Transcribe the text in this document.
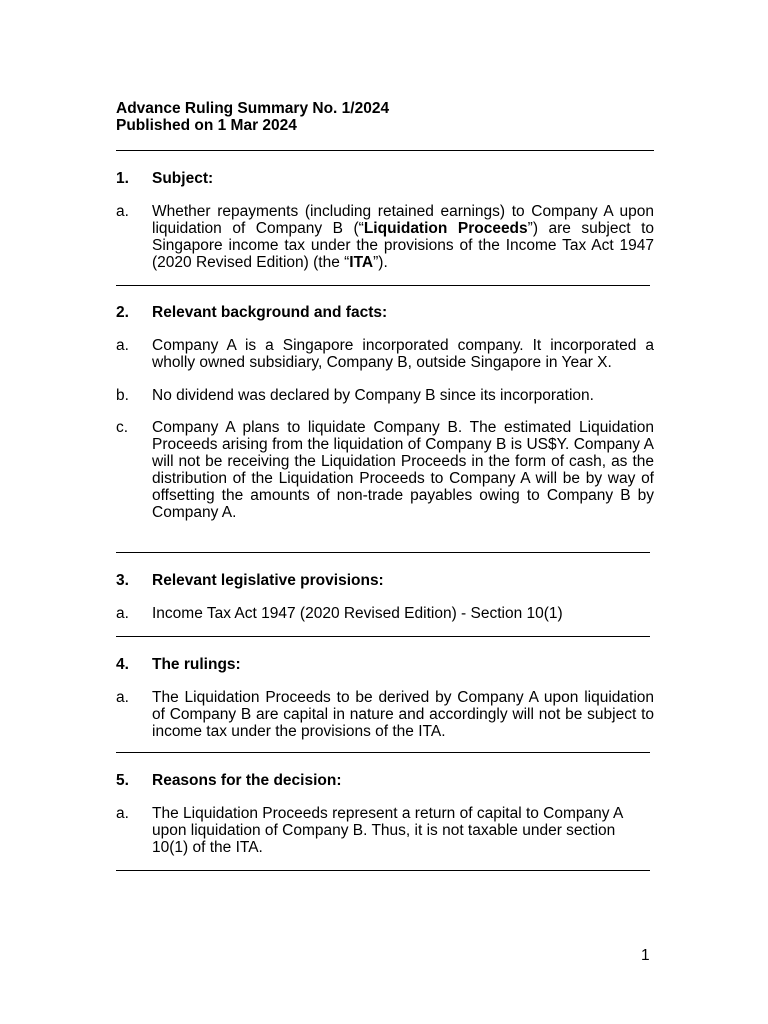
Advance Ruling Summary No. 1/2024
Published on 1 Mar 2024
1.	Subject:
a.	Whether repayments (including retained earnings) to Company A upon liquidation of Company B (“Liquidation Proceeds”) are subject to Singapore income tax under the provisions of the Income Tax Act 1947 (2020 Revised Edition) (the “ITA”).
2.	Relevant background and facts:
a.	Company A is a Singapore incorporated company. It incorporated a wholly owned subsidiary, Company B, outside Singapore in Year X.
b.	No dividend was declared by Company B since its incorporation.
c.	Company A plans to liquidate Company B. The estimated Liquidation Proceeds arising from the liquidation of Company B is US$Y. Company A will not be receiving the Liquidation Proceeds in the form of cash, as the distribution of the Liquidation Proceeds to Company A will be by way of offsetting the amounts of non-trade payables owing to Company B by Company A.
3.	Relevant legislative provisions:
a.	Income Tax Act 1947 (2020 Revised Edition) - Section 10(1)
4.	The rulings:
a.	The Liquidation Proceeds to be derived by Company A upon liquidation of Company B are capital in nature and accordingly will not be subject to income tax under the provisions of the ITA.
5.	Reasons for the decision:
a.	The Liquidation Proceeds represent a return of capital to Company A upon liquidation of Company B. Thus, it is not taxable under section 10(1) of the ITA.
1
